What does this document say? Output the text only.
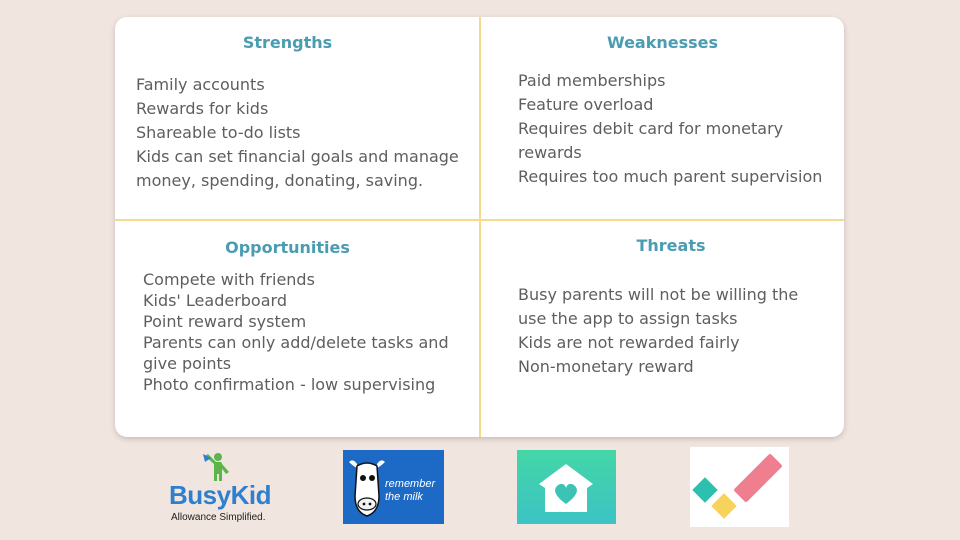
Strengths
Family accounts
Rewards for kids
Shareable to-do lists
Kids can set financial goals and manage
money, spending, donating, saving.
Weaknesses
Paid memberships
Feature overload
Requires debit card for monetary
rewards
Requires too much parent supervision
Opportunities
Compete with friends
Kids' Leaderboard
Point reward system
Parents can only add/delete tasks and
give points
Photo confirmation - low supervising
Threats
Busy parents will not be willing the
use the app to assign tasks
Kids are not rewarded fairly
Non-monetary reward
BusyKid
Allowance Simplified.
remember
the milk
